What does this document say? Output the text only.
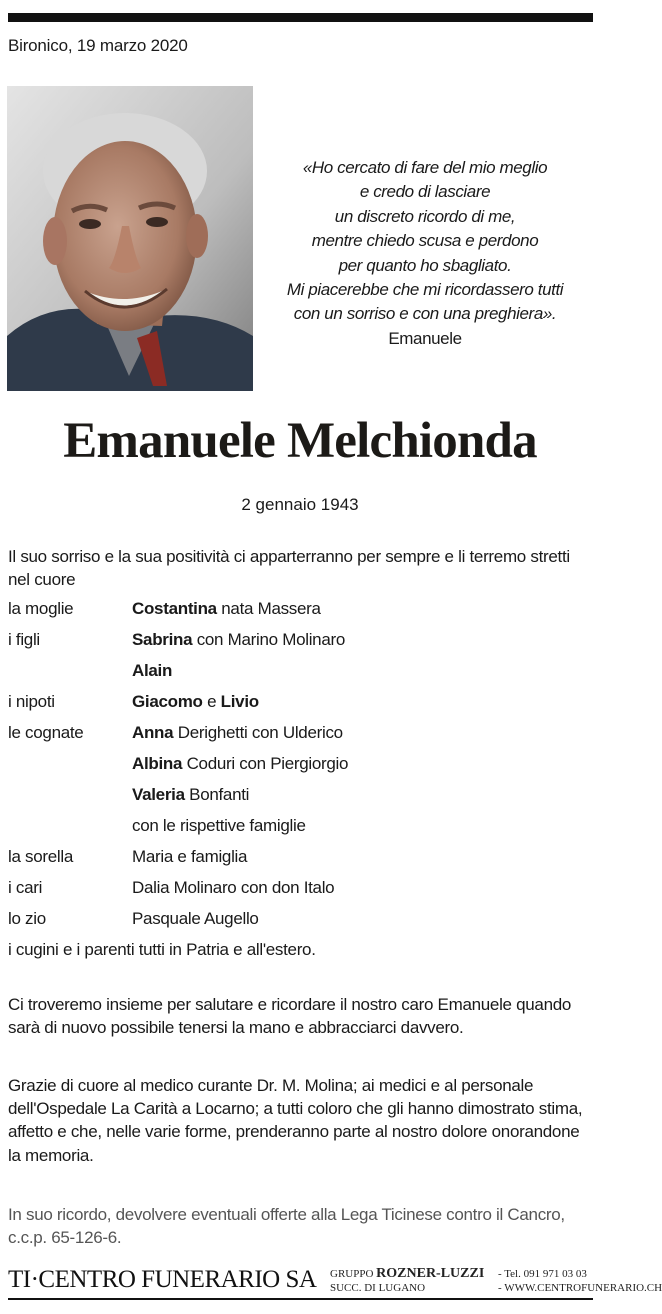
Bironico, 19 marzo 2020
«Ho cercato di fare del mio meglio
e credo di lasciare
un discreto ricordo di me,
mentre chiedo scusa e perdono
per quanto ho sbagliato.
Mi piacerebbe che mi ricordassero tutti
con un sorriso e con una preghiera».
Emanuele
Emanuele Melchionda
2 gennaio 1943
Il suo sorriso e la sua positività ci apparterranno per sempre e li terremo stretti nel cuore
la moglie	Costantina nata Massera
i figli	Sabrina con Marino Molinaro
Alain
i nipoti	Giacomo e Livio
le cognate	Anna Derighetti con Ulderico
Albina Coduri con Piergiorgio
Valeria Bonfanti
con le rispettive famiglie
la sorella	Maria e famiglia
i cari	Dalia Molinaro con don Italo
lo zio	Pasquale Augello
i cugini e i parenti tutti in Patria e all'estero.
Ci troveremo insieme per salutare e ricordare il nostro caro Emanuele quando sarà di nuovo possibile tenersi la mano e abbracciarci davvero.
Grazie di cuore al medico curante Dr. M. Molina; ai medici e al personale dell'Ospedale La Carità a Locarno; a tutti coloro che gli hanno dimostrato stima, affetto e che, nelle varie forme, prenderanno parte al nostro dolore onorandone la memoria.
In suo ricordo, devolvere eventuali offerte alla Lega Ticinese contro il Cancro, c.c.p. 65-126-6.
TI·CENTRO FUNERARIO SA GRUPPO ROZNER-LUZZI
SUCC. DI LUGANO
- Tel. 091 971 03 03
- WWW.CENTROFUNERARIO.CH
